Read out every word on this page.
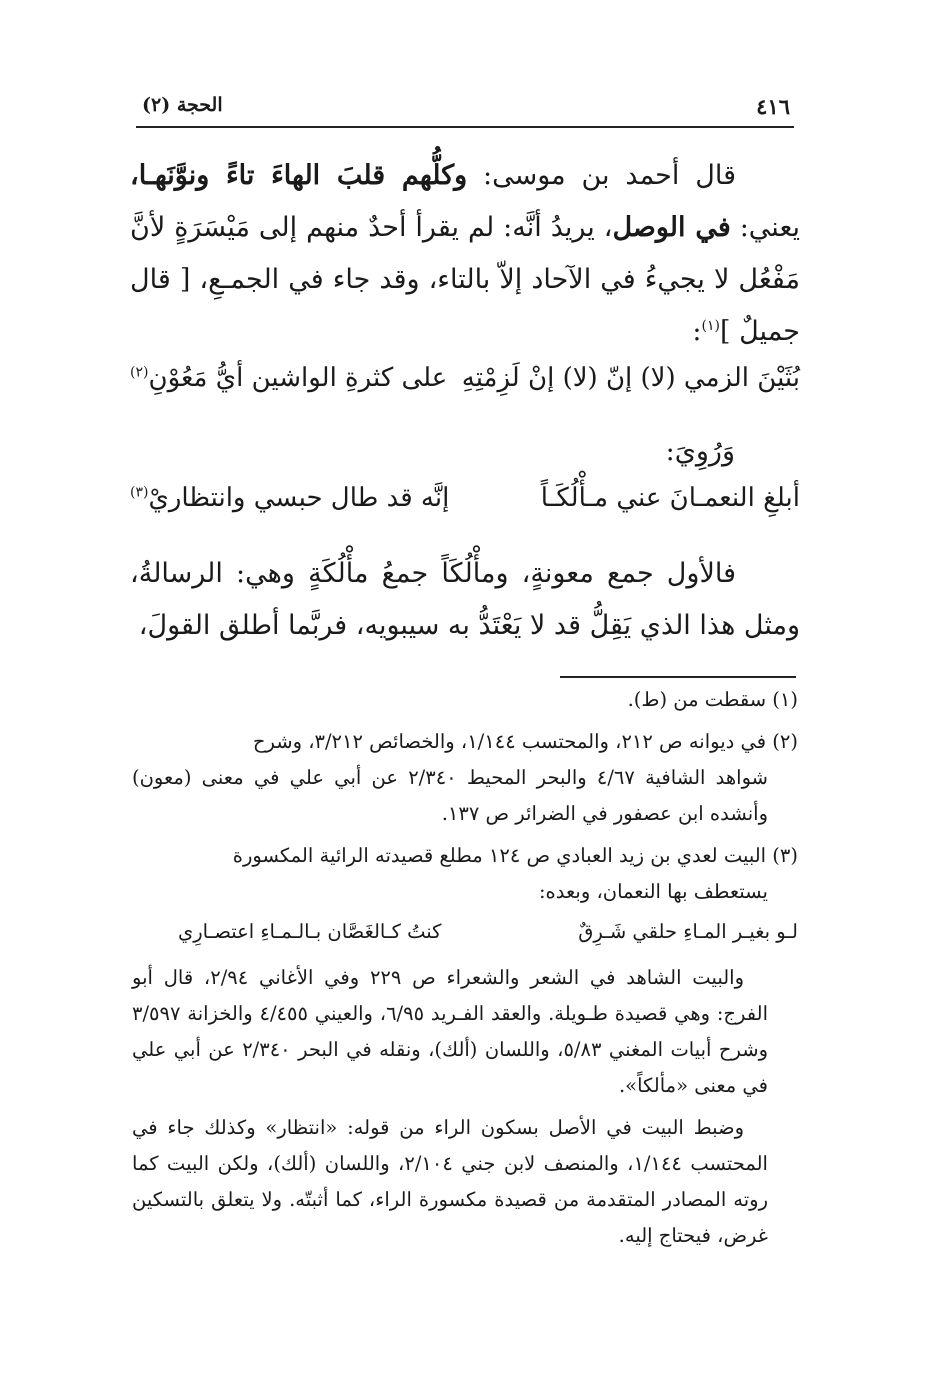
٤١٦
الحجة (٢)

قال أحمد بن موسى: وكلُّهم قلبَ الهاءَ تاءً ونوَّنَهـا، يعني: في الوصل، يريدُ أنَّه: لم يقرأ أحدٌ منهم إلى مَيْسَرَةٍ لأنَّ مَفْعُل لا يجيءُ في الآحاد إلاّ بالتاء، وقد جاء في الجمـعِ، [ قال جميلٌ ]$^{(١)}$:

بُثَيْنَ الزمي (لا) إنّ (لا) إنْ لَزِمْتِهِ
على كثرةِ الواشين أيُّ مَعُوْنِ$^{(٢)}$
وَرُوِيَ:
أبلغِ النعمـانَ عني مـأْلُكَـاً
إنَّه قد طال حبسي وانتظاريْ$^{(٣)}$

فالأول جمع معونةٍ، ومأْلُكَاً جمعُ مأْلُكَةٍ وهي: الرسالةُ، ومثل هذا الذي يَقِلُّ قد لا يَعْتَدُّ به سيبويه، فربَّما أطلق القولَ،

(١) سقطت من (ط).

(٢) في ديوانه ص ٢١٢، والمحتسب ١/١٤٤، والخصائص ٣/٢١٢، وشرح

شواهد الشافية ٤/٦٧ والبحر المحيط ٢/٣٤٠ عن أبي علي في معنى (معون) وأنشده ابن عصفور في الضرائر ص ١٣٧.

(٣) البيت لعدي بن زيد العبادي ص ١٢٤ مطلع قصيدته الرائية المكسورة

يستعطف بها النعمان، وبعده:

لـو بغيـر المـاءِ حلقي شَـرِقٌ
كنتُ كـالغَصَّان بـالـمـاءِ اعتصـارِي

والبيت الشاهد في الشعر والشعراء ص ٢٢٩ وفي الأغاني ٢/٩٤، قال أبو الفرج: وهي قصيدة طـويلة. والعقد الفـريد ٦/٩٥، والعيني ٤/٤٥٥ والخزانة ٣/٥٩٧ وشرح أبيات المغني ٥/٨٣، واللسان (ألك)، ونقله في البحر ٢/٣٤٠ عن أبي علي في معنى «مألكاً».

وضبط البيت في الأصل بسكون الراء من قوله: «انتظار» وكذلك جاء في المحتسب ١/١٤٤، والمنصف لابن جني ٢/١٠٤، واللسان (ألك)، ولكن البيت كما روته المصادر المتقدمة من قصيدة مكسورة الراء، كما أثبتّه. ولا يتعلق بالتسكين غرض، فيحتاج إليه.
